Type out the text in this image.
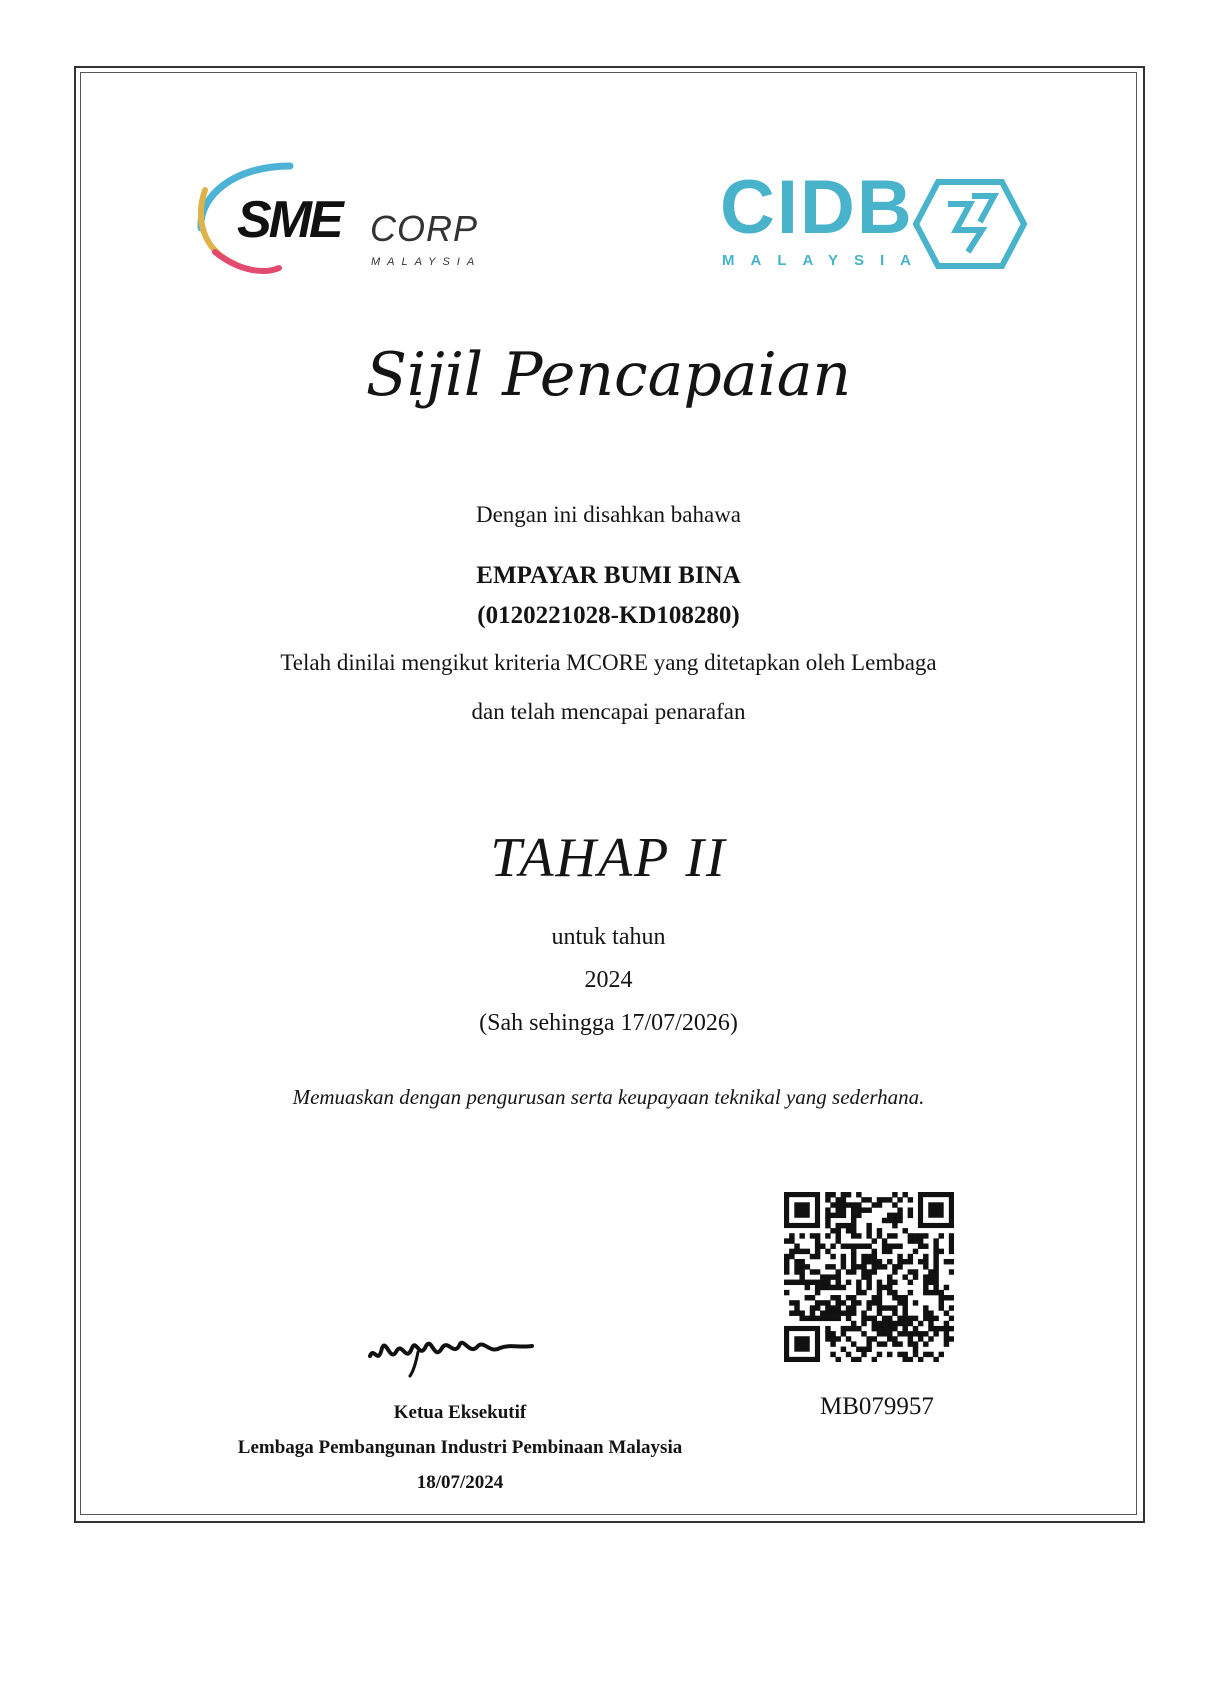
SME CORP
MALAYSIA
CIDB
MALAYSIA
Sijil Pencapaian
Dengan ini disahkan bahawa
EMPAYAR BUMI BINA
(0120221028-KD108280)
Telah dinilai mengikut kriteria MCORE yang ditetapkan oleh Lembaga
dan telah mencapai penarafan
TAHAP II
untuk tahun
2024
(Sah sehingga 17/07/2026)
Memuaskan dengan pengurusan serta keupayaan teknikal yang sederhana.
MB079957
Ketua Eksekutif
Lembaga Pembangunan Industri Pembinaan Malaysia
18/07/2024
